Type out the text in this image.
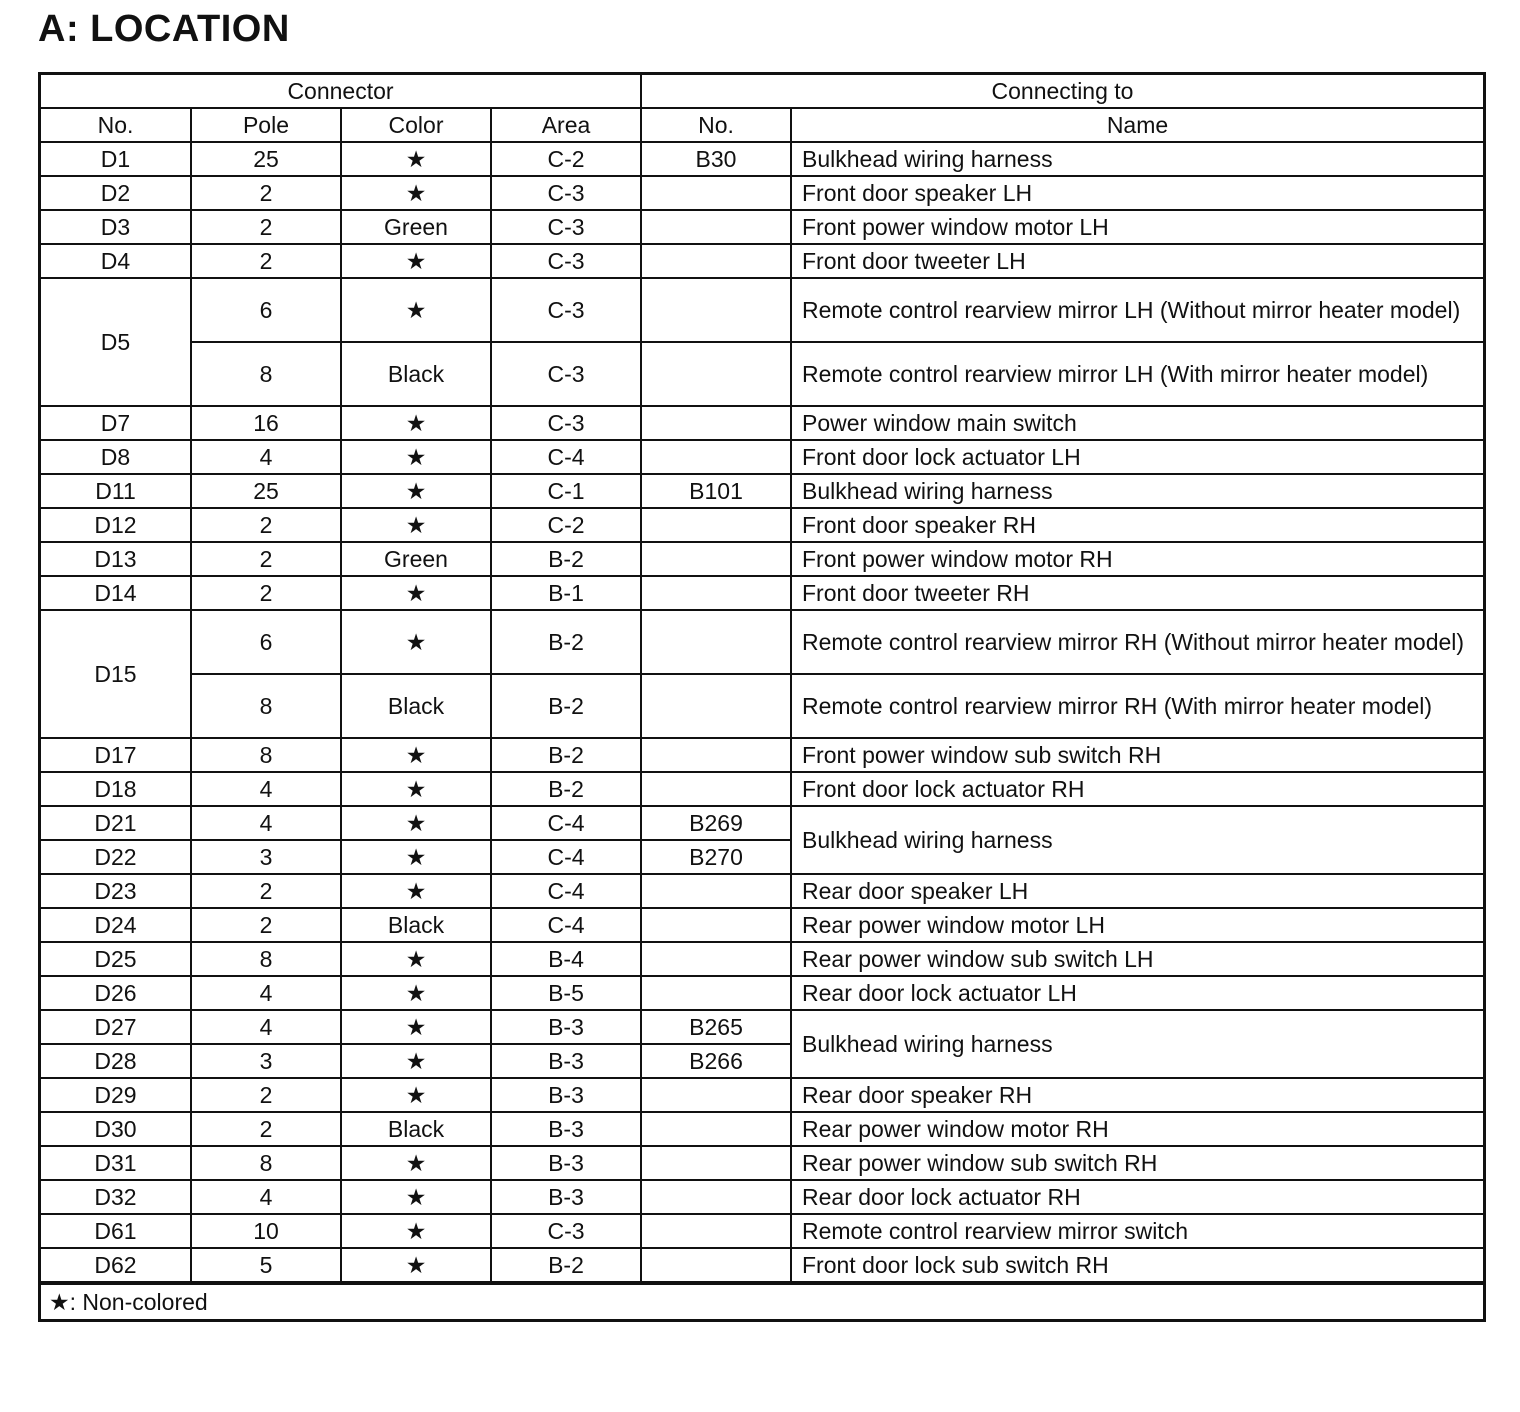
A: LOCATION
Connector				Connecting to	
No.	Pole	Color	Area	No.	Name
D1	25	★	C-2	B30	Bulkhead wiring harness
D2	2	★	C-3		Front door speaker LH
D3	2	Green	C-3		Front power window motor LH
D4	2	★	C-3		Front door tweeter LH
D5	6	★	C-3		Remote control rearview mirror LH (Without mirror heater model)
	8	Black	C-3		Remote control rearview mirror LH (With mirror heater model)
D7	16	★	C-3		Power window main switch
D8	4	★	C-4		Front door lock actuator LH
D11	25	★	C-1	B101	Bulkhead wiring harness
D12	2	★	C-2		Front door speaker RH
D13	2	Green	B-2		Front power window motor RH
D14	2	★	B-1		Front door tweeter RH
D15	6	★	B-2		Remote control rearview mirror RH (Without mirror heater model)
	8	Black	B-2		Remote control rearview mirror RH (With mirror heater model)
D17	8	★	B-2		Front power window sub switch RH
D18	4	★	B-2		Front door lock actuator RH
D21	4	★	C-4	B269	Bulkhead wiring harness
D22	3	★	C-4	B270	
D23	2	★	C-4		Rear door speaker LH
D24	2	Black	C-4		Rear power window motor LH
D25	8	★	B-4		Rear power window sub switch LH
D26	4	★	B-5		Rear door lock actuator LH
D27	4	★	B-3	B265	Bulkhead wiring harness
D28	3	★	B-3	B266	
D29	2	★	B-3		Rear door speaker RH
D30	2	Black	B-3		Rear power window motor RH
D31	8	★	B-3		Rear power window sub switch RH
D32	4	★	B-3		Rear door lock actuator RH
D61	10	★	C-3		Remote control rearview mirror switch
D62	5	★	B-2		Front door lock sub switch RH
★: Non-colored
